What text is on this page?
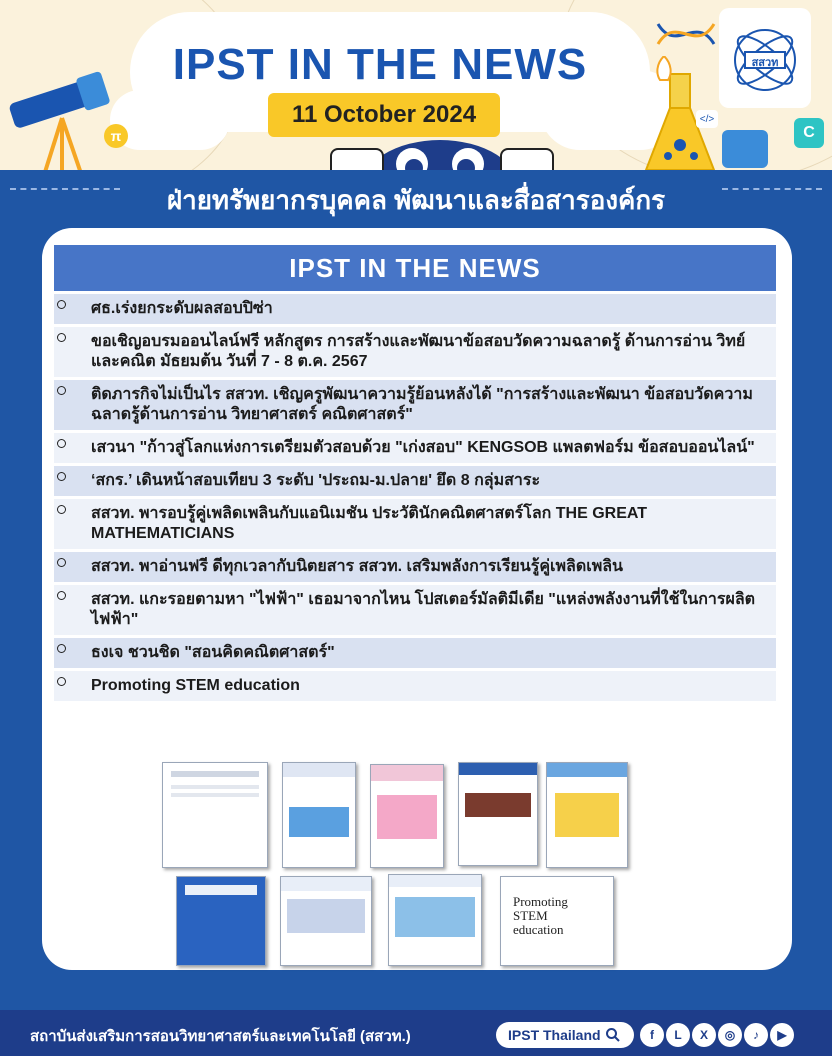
π
</>
C
IPST IN THE NEWS
11 October 2024
สสวท
ฝ่ายทรัพยากรบุคคล พัฒนาและสื่อสารองค์กร
IPST IN THE NEWS
ศธ.เร่งยกระดับผลสอบปิซ่า
ขอเชิญอบรมออนไลน์ฟรี หลักสูตร การสร้างและพัฒนาข้อสอบวัดความฉลาดรู้ ด้านการอ่าน วิทย์ และคณิต มัธยมต้น วันที่ 7 - 8 ต.ค. 2567
ติดภารกิจไม่เป็นไร สสวท. เชิญครูพัฒนาความรู้ย้อนหลังได้ "การสร้างและพัฒนา ข้อสอบวัดความฉลาดรู้ด้านการอ่าน วิทยาศาสตร์ คณิตศาสตร์"
เสวนา "ก้าวสู่โลกแห่งการเตรียมตัวสอบด้วย "เก่งสอบ" KENGSOB แพลตฟอร์ม ข้อสอบออนไลน์"
‘สกร.’ เดินหน้าสอบเทียบ 3 ระดับ 'ประถม-ม.ปลาย' ยึด 8 กลุ่มสาระ
สสวท. พารอบรู้คู่เพลิดเพลินกับแอนิเมชัน ประวัตินักคณิตศาสตร์โลก THE GREAT MATHEMATICIANS
สสวท. พาอ่านฟรี ดีทุกเวลากับนิตยสาร สสวท. เสริมพลังการเรียนรู้คู่เพลิดเพลิน
สสวท. แกะรอยตามหา "ไฟฟ้า" เธอมาจากไหน โปสเตอร์มัลติมีเดีย "แหล่งพลังงานที่ใช้ในการผลิตไฟฟ้า"
ธงเจ ชวนชิด "สอนคิดคณิตศาสตร์"
Promoting STEM education
Promoting STEM education
สถาบันส่งเสริมการสอนวิทยาศาสตร์และเทคโนโลยี (สสวท.)	IPST Thailand	f	L	X	◎	♪	▶
